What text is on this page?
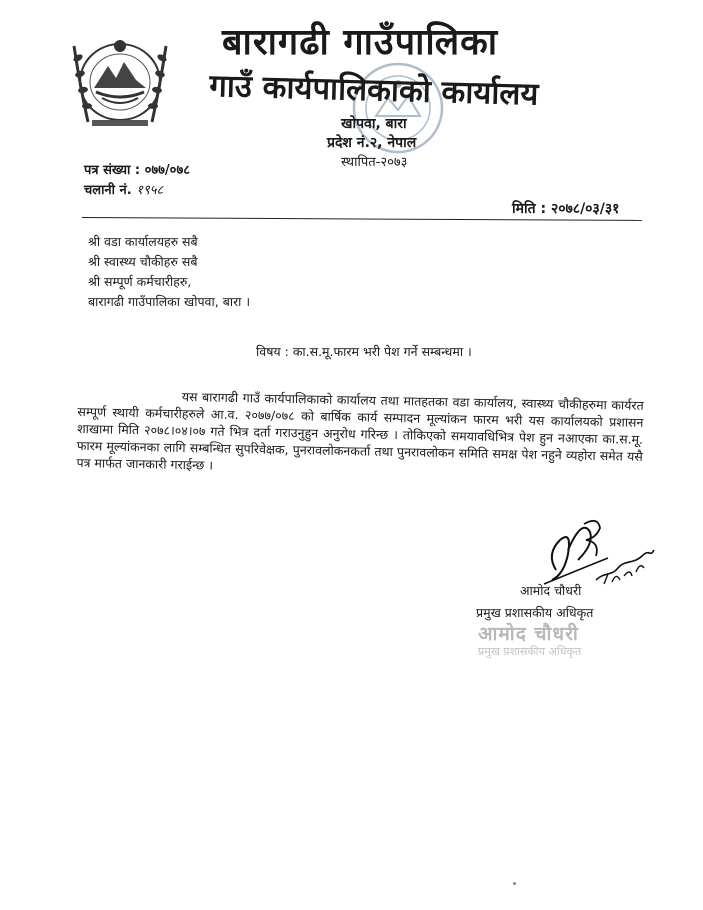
बारागढी गाउँपालिका
गाउँ कार्यपालिकाको कार्यालय
खोपवा, बारा
प्रदेश नं.२, नेपाल
स्थापित-२०७३
पत्र संख्या : ०७७/०७८
चलानी नं. १९५८
मिति : २०७८/०३/३१
श्री वडा कार्यालयहरु सबै
श्री स्वास्थ्य चौकीहरु सबै
श्री सम्पूर्ण कर्मचारीहरु,
बारागढी गाउँपालिका खोपवा, बारा ।
विषय : का.स.मू.फारम भरी पेश गर्ने सम्बन्धमा ।

यस बारागढी गाउँ कार्यपालिकाको कार्यालय तथा मातहतका वडा कार्यालय, स्वास्थ्य चौकीहरुमा कार्यरत सम्पूर्ण स्थायी कर्मचारीहरुले आ.व. २०७७/०७८ को बार्षिक कार्य सम्पादन मूल्यांकन फारम भरी यस कार्यालयको प्रशासन शाखामा मिति २०७८।०४।०७ गते भित्र दर्ता गराउनुहुन अनुरोध गरिन्छ । तोकिएको समयावधिभित्र पेश हुन नआएका का.स.मू. फारम मूल्यांकनका लागि सम्बन्धित सुपरिवेक्षक, पुनरावलोकनकर्ता तथा पुनरावलोकन समिति समक्ष पेश नहुने व्यहोरा समेत यसै पत्र मार्फत जानकारी गराईन्छ ।

आमोद चौधरी
प्रमुख प्रशासकीय अधिकृत
आमोद चौधरी
प्रमुख प्रशासकीय अधिकृत
